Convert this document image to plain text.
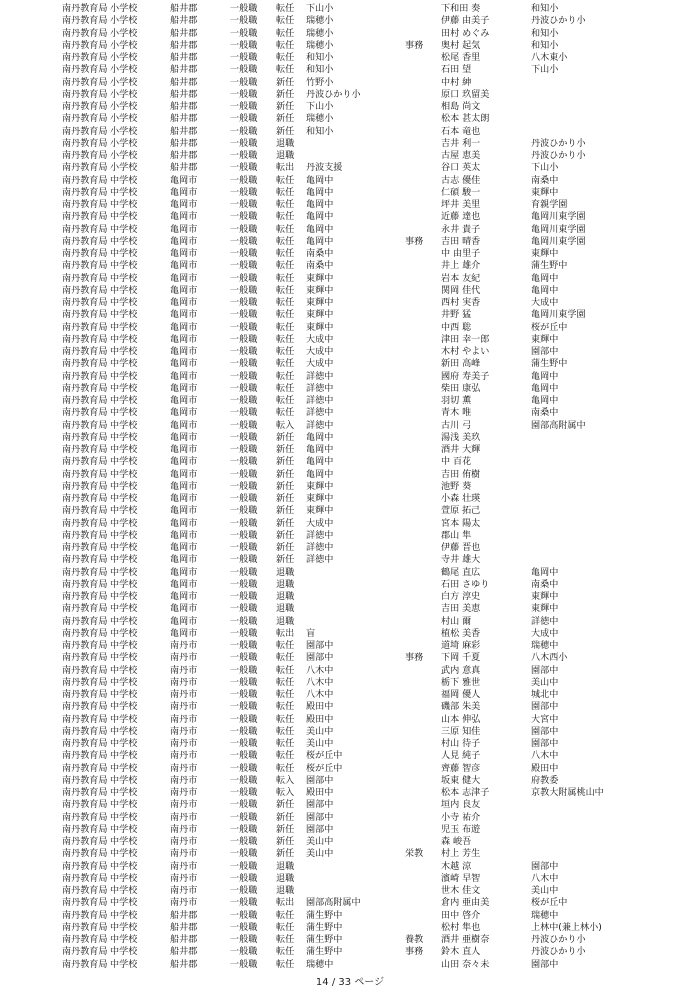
南丹教育局	小学校	船井郡	一般職	転任	下山小		下和田 奏	和知小
南丹教育局	小学校	船井郡	一般職	転任	瑞穂小		伊藤 由美子	丹波ひかり小
南丹教育局	小学校	船井郡	一般職	転任	瑞穂小		田村 めぐみ	和知小
南丹教育局	小学校	船井郡	一般職	転任	瑞穂小	事務	奥村 起気	和知小
南丹教育局	小学校	船井郡	一般職	転任	和知小		松尾 香里	八木東小
南丹教育局	小学校	船井郡	一般職	転任	和知小		石田 望	下山小
南丹教育局	小学校	船井郡	一般職	新任	竹野小		中村 紳	
南丹教育局	小学校	船井郡	一般職	新任	丹波ひかり小		原口 玖留美	
南丹教育局	小学校	船井郡	一般職	新任	下山小		相島 尚文	
南丹教育局	小学校	船井郡	一般職	新任	瑞穂小		松本 甚太朗	
南丹教育局	小学校	船井郡	一般職	新任	和知小		石本 竜也	
南丹教育局	小学校	船井郡	一般職	退職			吉井 利一	丹波ひかり小
南丹教育局	小学校	船井郡	一般職	退職			古屋 恵美	丹波ひかり小
南丹教育局	小学校	船井郡	一般職	転出	丹波支援		谷口 英太	下山小
南丹教育局	中学校	亀岡市	一般職	転任	亀岡中		古志 優佳	南桑中
南丹教育局	中学校	亀岡市	一般職	転任	亀岡中		仁碩 駿一	東輝中
南丹教育局	中学校	亀岡市	一般職	転任	亀岡中		坪井 美里	育親学園
南丹教育局	中学校	亀岡市	一般職	転任	亀岡中		近藤 達也	亀岡川東学園
南丹教育局	中学校	亀岡市	一般職	転任	亀岡中		永井 貴子	亀岡川東学園
南丹教育局	中学校	亀岡市	一般職	転任	亀岡中	事務	吉田 晴香	亀岡川東学園
南丹教育局	中学校	亀岡市	一般職	転任	南桑中		中 由里子	東輝中
南丹教育局	中学校	亀岡市	一般職	転任	南桑中		井上 雄介	蒲生野中
南丹教育局	中学校	亀岡市	一般職	転任	東輝中		岩本 友紀	亀岡中
南丹教育局	中学校	亀岡市	一般職	転任	東輝中		関岡 佳代	亀岡中
南丹教育局	中学校	亀岡市	一般職	転任	東輝中		西村 実香	大成中
南丹教育局	中学校	亀岡市	一般職	転任	東輝中		井野 猛	亀岡川東学園
南丹教育局	中学校	亀岡市	一般職	転任	東輝中		中西 聡	桜が丘中
南丹教育局	中学校	亀岡市	一般職	転任	大成中		津田 幸一郎	東輝中
南丹教育局	中学校	亀岡市	一般職	転任	大成中		木村 やよい	園部中
南丹教育局	中学校	亀岡市	一般職	転任	大成中		新田 高峰	蒲生野中
南丹教育局	中学校	亀岡市	一般職	転任	詳徳中		國府 寿美子	亀岡中
南丹教育局	中学校	亀岡市	一般職	転任	詳徳中		柴田 康弘	亀岡中
南丹教育局	中学校	亀岡市	一般職	転任	詳徳中		羽切 薫	亀岡中
南丹教育局	中学校	亀岡市	一般職	転任	詳徳中		青木 唯	南桑中
南丹教育局	中学校	亀岡市	一般職	転入	詳徳中		古川 弓	園部高附属中
南丹教育局	中学校	亀岡市	一般職	新任	亀岡中		湯浅 美玖	
南丹教育局	中学校	亀岡市	一般職	新任	亀岡中		酒井 大輝	
南丹教育局	中学校	亀岡市	一般職	新任	亀岡中		中 百花	
南丹教育局	中学校	亀岡市	一般職	新任	亀岡中		吉田 侑樹	
南丹教育局	中学校	亀岡市	一般職	新任	東輝中		池野 葵	
南丹教育局	中学校	亀岡市	一般職	新任	東輝中		小森 壮瑛	
南丹教育局	中学校	亀岡市	一般職	新任	東輝中		萱原 拓己	
南丹教育局	中学校	亀岡市	一般職	新任	大成中		宮本 陽太	
南丹教育局	中学校	亀岡市	一般職	新任	詳徳中		郡山 隼	
南丹教育局	中学校	亀岡市	一般職	新任	詳徳中		伊藤 晋也	
南丹教育局	中学校	亀岡市	一般職	新任	詳徳中		寺井 雄大	
南丹教育局	中学校	亀岡市	一般職	退職			鶴尾 直広	亀岡中
南丹教育局	中学校	亀岡市	一般職	退職			石田 さゆり	南桑中
南丹教育局	中学校	亀岡市	一般職	退職			白方 淳史	東輝中
南丹教育局	中学校	亀岡市	一般職	退職			吉田 美恵	東輝中
南丹教育局	中学校	亀岡市	一般職	退職			村山 爾	詳徳中
南丹教育局	中学校	亀岡市	一般職	転出	盲		植松 美香	大成中
南丹教育局	中学校	南丹市	一般職	転任	園部中		道埼 麻彩	瑞穂中
南丹教育局	中学校	南丹市	一般職	転任	園部中	事務	下岡 千夏	八木西小
南丹教育局	中学校	南丹市	一般職	転任	八木中		武内 意真	園部中
南丹教育局	中学校	南丹市	一般職	転任	八木中		栃下 雅世	美山中
南丹教育局	中学校	南丹市	一般職	転任	八木中		福岡 優人	城北中
南丹教育局	中学校	南丹市	一般職	転任	殿田中		磯部 朱美	園部中
南丹教育局	中学校	南丹市	一般職	転任	殿田中		山本 伸弘	大宮中
南丹教育局	中学校	南丹市	一般職	転任	美山中		三原 知佳	園部中
南丹教育局	中学校	南丹市	一般職	転任	美山中		村山 待子	園部中
南丹教育局	中学校	南丹市	一般職	転任	桜が丘中		人見 純子	八木中
南丹教育局	中学校	南丹市	一般職	転任	桜が丘中		齊藤 智彦	殿田中
南丹教育局	中学校	南丹市	一般職	転入	園部中		坂東 健大	府教委
南丹教育局	中学校	南丹市	一般職	転入	殿田中		松本 志津子	京教大附属桃山中
南丹教育局	中学校	南丹市	一般職	新任	園部中		垣内 良友	
南丹教育局	中学校	南丹市	一般職	新任	園部中		小寺 祐介	
南丹教育局	中学校	南丹市	一般職	新任	園部中		児玉 布遊	
南丹教育局	中学校	南丹市	一般職	新任	美山中		森 峻吾	
南丹教育局	中学校	南丹市	一般職	新任	美山中	栄教	村上 芳生	
南丹教育局	中学校	南丹市	一般職	退職			木越 涼	園部中
南丹教育局	中学校	南丹市	一般職	退職			濱崎 早智	八木中
南丹教育局	中学校	南丹市	一般職	退職			世木 佳文	美山中
南丹教育局	中学校	南丹市	一般職	転出	園部高附属中		倉内 亜由美	桜が丘中
南丹教育局	中学校	船井郡	一般職	転任	蒲生野中		田中 啓介	瑞穂中
南丹教育局	中学校	船井郡	一般職	転任	蒲生野中		松村 隼也	上林中(兼上林小)
南丹教育局	中学校	船井郡	一般職	転任	蒲生野中	養教	酒井 亜樹奈	丹波ひかり小
南丹教育局	中学校	船井郡	一般職	転任	蒲生野中	事務	鈴木 直人	丹波ひかり小
南丹教育局	中学校	船井郡	一般職	転任	瑞穂中		山田 奈々未	園部中
14 / 33 ページ
